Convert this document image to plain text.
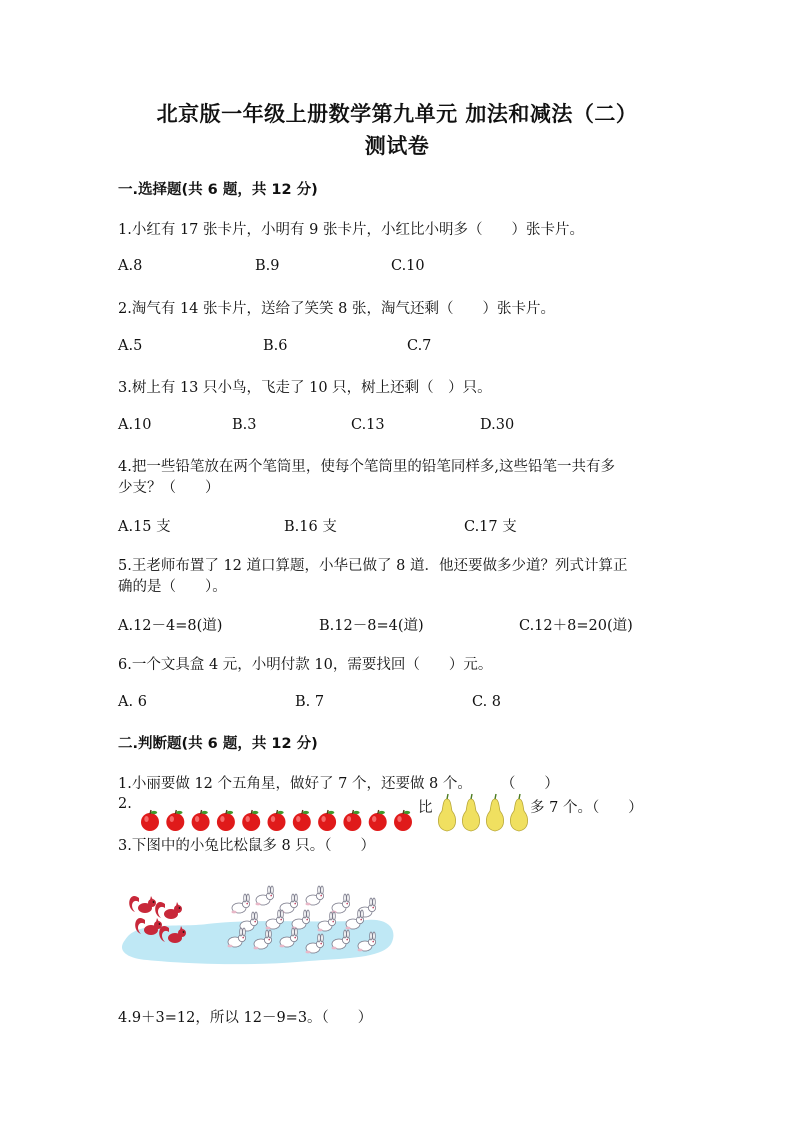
北京版一年级上册数学第九单元 加法和减法（二）
测试卷
一.选择题(共 6 题，共 12 分)
1.小红有 17 张卡片，小明有 9 张卡片，小红比小明多（　　）张卡片。
A.8	B.9	C.10
2.淘气有 14 张卡片，送给了笑笑 8 张，淘气还剩（　　）张卡片。
A.5	B.6	C.7
3.树上有 13 只小鸟，飞走了 10 只，树上还剩（　）只。
A.10	B.3	C.13	D.30
4.把一些铅笔放在两个笔筒里，使每个笔筒里的铅笔同样多,这些铅笔一共有多
少支？（　　）
A.15 支	B.16 支	C.17 支
5.王老师布置了 12 道口算题，小华已做了 8 道．他还要做多少道？列式计算正
确的是（　　）。
A.12－4=8(道)	B.12－8=4(道)	C.12＋8=20(道)
6.一个文具盒 4 元，小明付款 10，需要找回（　　）元。
A. 6	B. 7	C. 8
二.判断题(共 6 题，共 12 分)
1.小丽要做 12 个五角星，做好了 7 个，还要做 8 个。　　　（　　）
2.	比	多 7 个。（　　）
3.下图中的小兔比松鼠多 8 只。（　　）
4.9＋3=12，所以 12－9=3。（　　）
